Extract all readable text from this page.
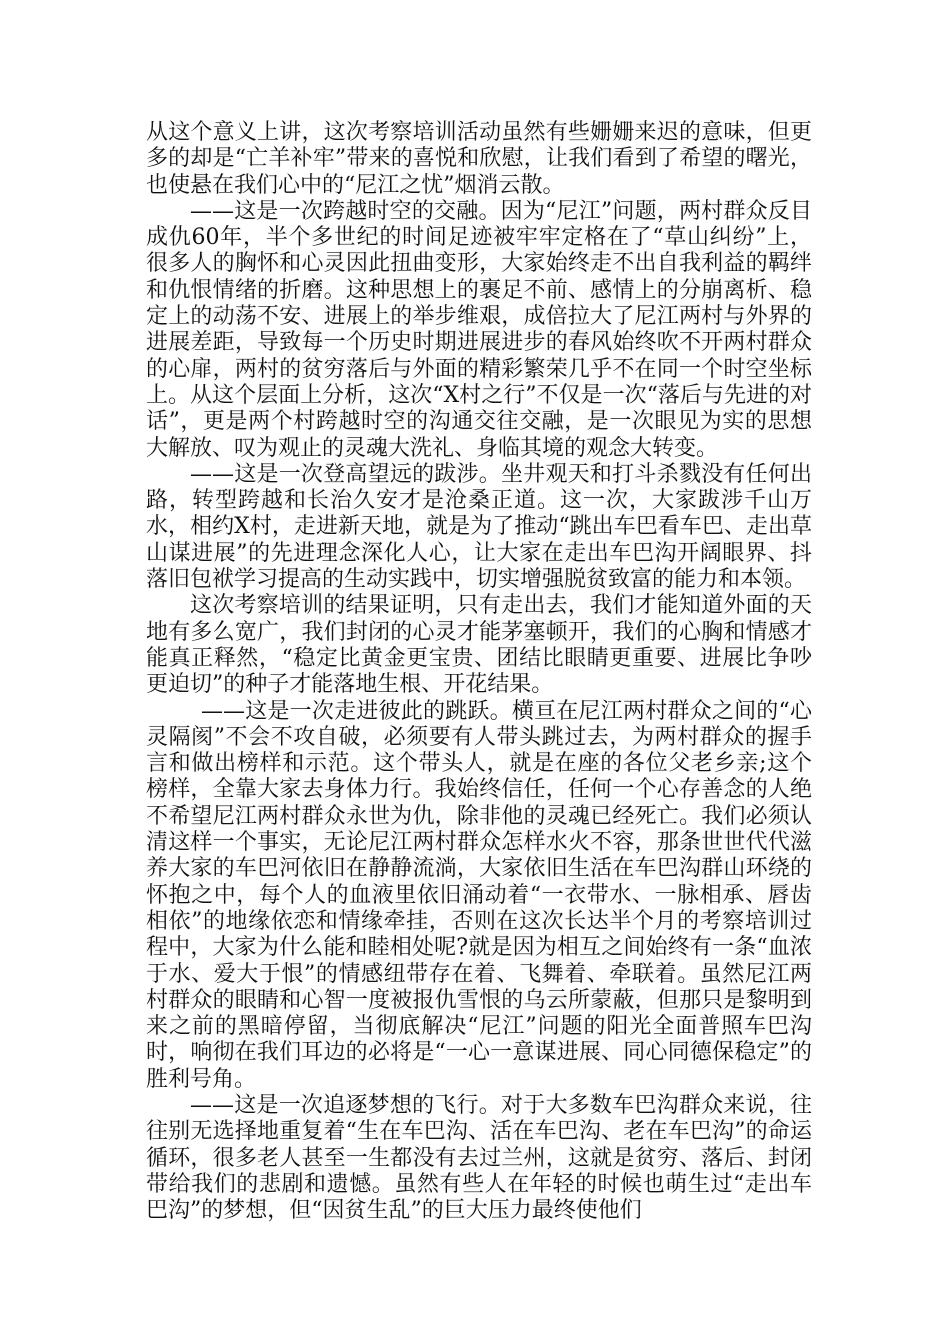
从这个意义上讲，这次考察培训活动虽然有些姗姗来迟的意味，但更多的却是“亡羊补牢”带来的喜悦和欣慰，让我们看到了希望的曙光，也使悬在我们心中的“尼江之忧”烟消云散。

——这是一次跨越时空的交融。因为“尼江”问题，两村群众反目成仇60年，半个多世纪的时间足迹被牢牢定格在了“草山纠纷”上，很多人的胸怀和心灵因此扭曲变形，大家始终走不出自我利益的羁绊和仇恨情绪的折磨。这种思想上的裹足不前、感情上的分崩离析、稳定上的动荡不安、进展上的举步维艰，成倍拉大了尼江两村与外界的进展差距，导致每一个历史时期进展进步的春风始终吹不开两村群众的心扉，两村的贫穷落后与外面的精彩繁荣几乎不在同一个时空坐标上。从这个层面上分析，这次“X村之行”不仅是一次“落后与先进的对话”，更是两个村跨越时空的沟通交往交融，是一次眼见为实的思想大解放、叹为观止的灵魂大洗礼、身临其境的观念大转变。

——这是一次登高望远的跋涉。坐井观天和打斗杀戮没有任何出路，转型跨越和长治久安才是沧桑正道。这一次，大家跋涉千山万水，相约X村，走进新天地，就是为了推动“跳出车巴看车巴、走出草山谋进展”的先进理念深化人心，让大家在走出车巴沟开阔眼界、抖落旧包袱学习提高的生动实践中，切实增强脱贫致富的能力和本领。

这次考察培训的结果证明，只有走出去，我们才能知道外面的天地有多么宽广，我们封闭的心灵才能茅塞顿开，我们的心胸和情感才能真正释然，“稳定比黄金更宝贵、团结比眼睛更重要、进展比争吵更迫切”的种子才能落地生根、开花结果。

——这是一次走进彼此的跳跃。横亘在尼江两村群众之间的“心灵隔阂”不会不攻自破，必须要有人带头跳过去，为两村群众的握手言和做出榜样和示范。这个带头人，就是在座的各位父老乡亲;这个榜样，全靠大家去身体力行。我始终信任，任何一个心存善念的人绝不希望尼江两村群众永世为仇，除非他的灵魂已经死亡。我们必须认清这样一个事实，无论尼江两村群众怎样水火不容，那条世世代代滋养大家的车巴河依旧在静静流淌，大家依旧生活在车巴沟群山环绕的怀抱之中，每个人的血液里依旧涌动着“一衣带水、一脉相承、唇齿相依”的地缘依恋和情缘牵挂，否则在这次长达半个月的考察培训过程中，大家为什么能和睦相处呢?就是因为相互之间始终有一条“血浓于水、爱大于恨”的情感纽带存在着、飞舞着、牵联着。虽然尼江两村群众的眼睛和心智一度被报仇雪恨的乌云所蒙蔽，但那只是黎明到来之前的黑暗停留，当彻底解决“尼江”问题的阳光全面普照车巴沟时，响彻在我们耳边的必将是“一心一意谋进展、同心同德保稳定”的胜利号角。

——这是一次追逐梦想的飞行。对于大多数车巴沟群众来说，往往别无选择地重复着“生在车巴沟、活在车巴沟、老在车巴沟”的命运循环，很多老人甚至一生都没有去过兰州，这就是贫穷、落后、封闭带给我们的悲剧和遗憾。虽然有些人在年轻的时候也萌生过“走出车巴沟”的梦想，但“因贫生乱”的巨大压力最终使他们
